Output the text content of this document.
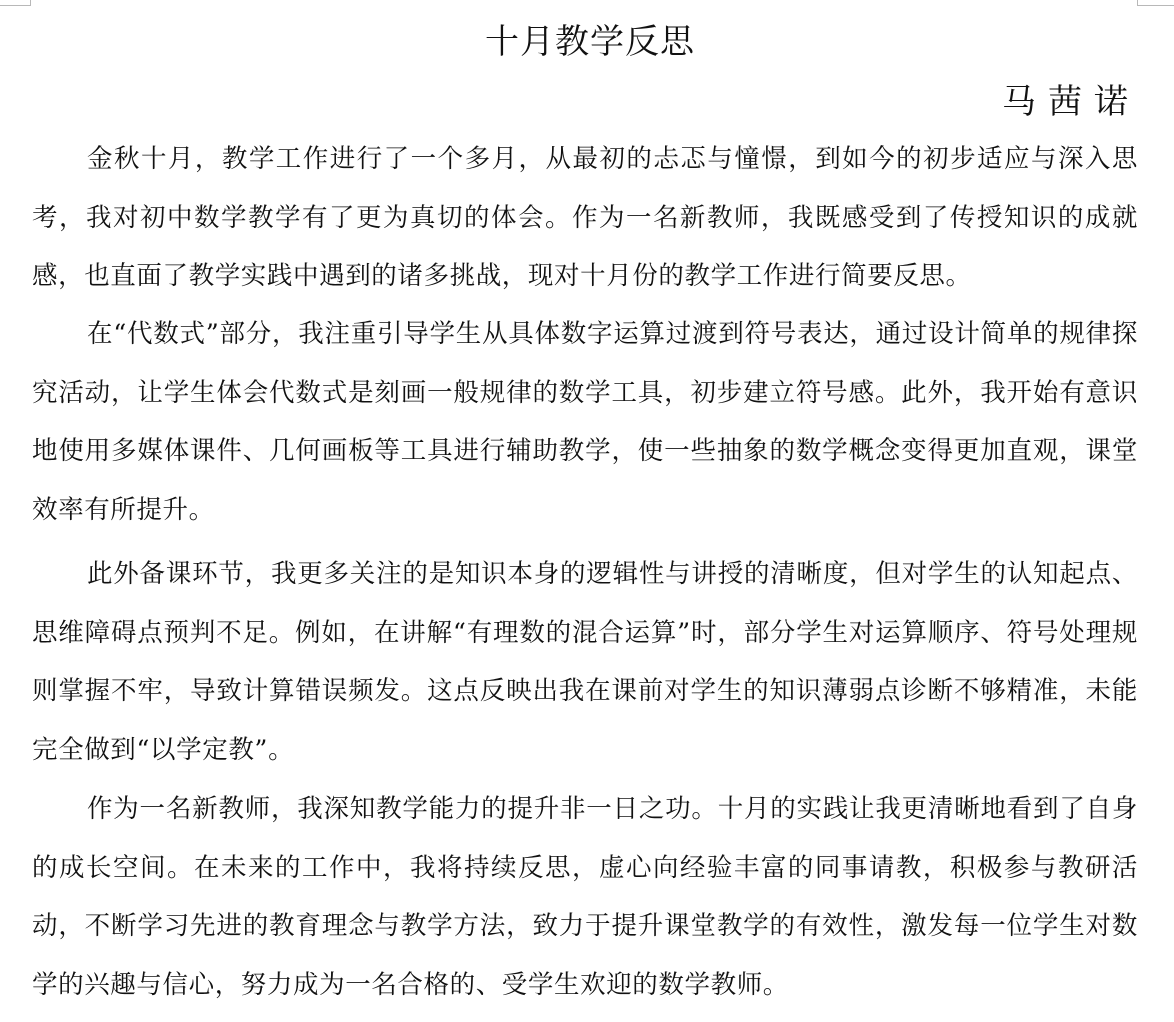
十月教学反思
马茜诺

金秋十月，教学工作进行了一个多月，从最初的忐忑与憧憬，到如今的初步适应与深入思考，我对初中数学教学有了更为真切的体会。作为一名新教师，我既感受到了传授知识的成就感，也直面了教学实践中遇到的诸多挑战，现对十月份的教学工作进行简要反思。

在“代数式”部分，我注重引导学生从具体数字运算过渡到符号表达，通过设计简单的规律探究活动，让学生体会代数式是刻画一般规律的数学工具，初步建立符号感。此外，我开始有意识地使用多媒体课件、几何画板等工具进行辅助教学，使一些抽象的数学概念变得更加直观，课堂效率有所提升。

此外备课环节，我更多关注的是知识本身的逻辑性与讲授的清晰度，但对学生的认知起点、思维障碍点预判不足。例如，在讲解“有理数的混合运算”时，部分学生对运算顺序、符号处理规则掌握不牢，导致计算错误频发。这点反映出我在课前对学生的知识薄弱点诊断不够精准，未能完全做到“以学定教”。

作为一名新教师，我深知教学能力的提升非一日之功。十月的实践让我更清晰地看到了自身的成长空间。在未来的工作中，我将持续反思，虚心向经验丰富的同事请教，积极参与教研活动，不断学习先进的教育理念与教学方法，致力于提升课堂教学的有效性，激发每一位学生对数学的兴趣与信心，努力成为一名合格的、受学生欢迎的数学教师。
